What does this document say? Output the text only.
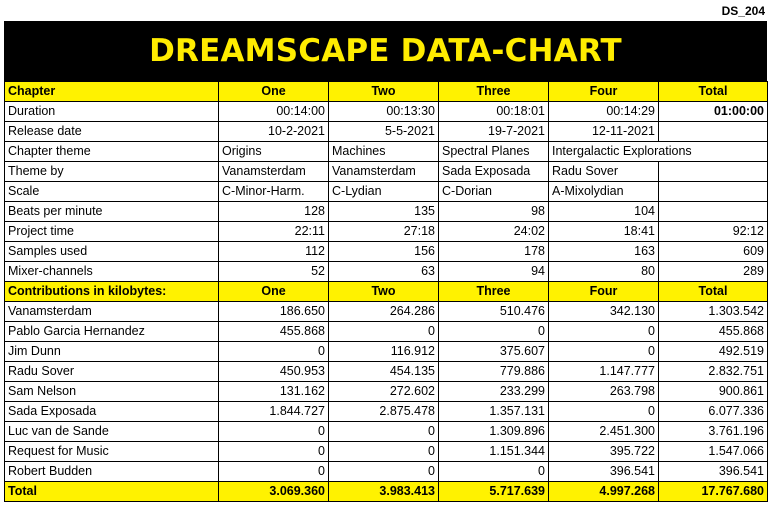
DS_204
DREAMSCAPE DATA-CHART
Chapter	One	Two	Three	Four	Total
Duration	00:14:00	00:13:30	00:18:01	00:14:29	01:00:00
Release date	10-2-2021	5-5-2021	19-7-2021	12-11-2021	
Chapter theme	Origins	Machines	Spectral Planes	Intergalactic Explorations	
Theme by	Vanamsterdam	Vanamsterdam	Sada Exposada	Radu Sover	
Scale	C-Minor-Harm.	C-Lydian	C-Dorian	A-Mixolydian	
Beats per minute	128	135	98	104	
Project time	22:11	27:18	24:02	18:41	92:12
Samples used	112	156	178	163	609
Mixer-channels	52	63	94	80	289
Contributions in kilobytes:	One	Two	Three	Four	Total
Vanamsterdam	186.650	264.286	510.476	342.130	1.303.542
Pablo Garcia Hernandez	455.868	0	0	0	455.868
Jim Dunn	0	116.912	375.607	0	492.519
Radu Sover	450.953	454.135	779.886	1.147.777	2.832.751
Sam Nelson	131.162	272.602	233.299	263.798	900.861
Sada Exposada	1.844.727	2.875.478	1.357.131	0	6.077.336
Luc van de Sande	0	0	1.309.896	2.451.300	3.761.196
Request for Music	0	0	1.151.344	395.722	1.547.066
Robert Budden	0	0	0	396.541	396.541
Total	3.069.360	3.983.413	5.717.639	4.997.268	17.767.680
